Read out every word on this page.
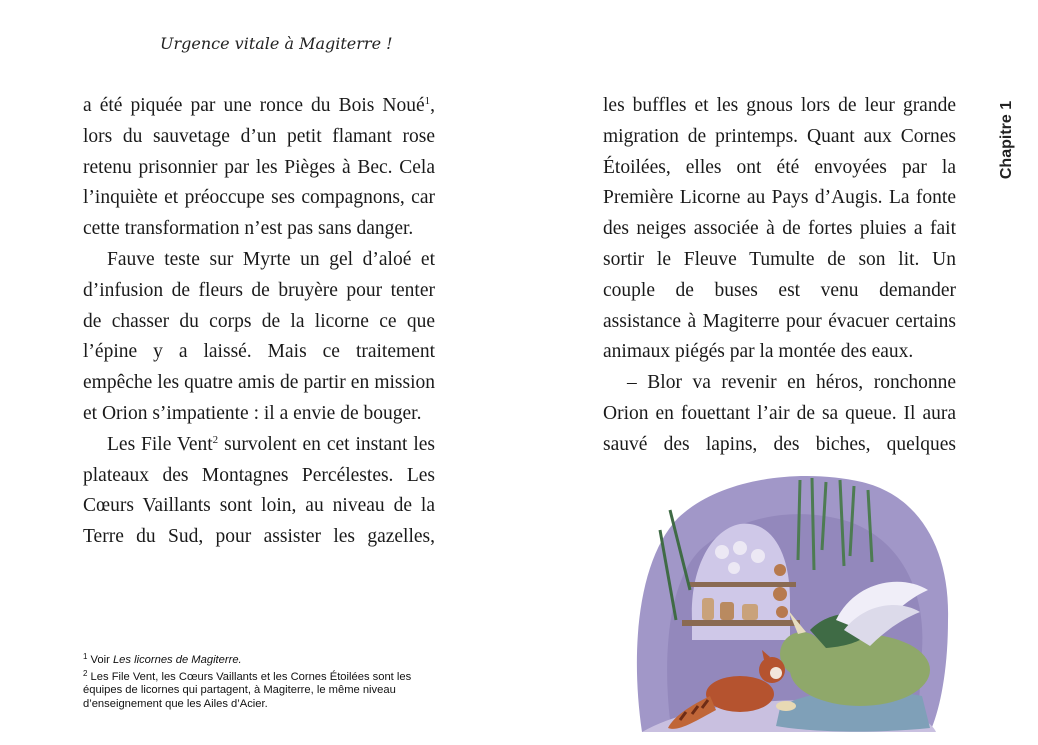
Urgence vitale à Magiterre !

a été piquée par une ronce du Bois Noué$^1$, lors du sauvetage d’un petit flamant rose retenu prisonnier par les Pièges à Bec. Cela l’inquiète et préoccupe ses compagnons, car cette transformation n’est pas sans danger.

Fauve teste sur Myrte un gel d’aloé et d’infusion de fleurs de bruyère pour tenter de chasser du corps de la licorne ce que l’épine y a laissé. Mais ce traitement empêche les quatre amis de partir en mission et Orion s’impatiente : il a envie de bouger.

Les File Vent$^2$ survolent en cet instant les plateaux des Montagnes Percélestes. Les Cœurs Vaillants sont loin, au niveau de la Terre du Sud, pour assister les gazelles,

les buffles et les gnous lors de leur grande migration de printemps. Quant aux Cornes Étoilées, elles ont été envoyées par la Première Licorne au Pays d’Augis. La fonte des neiges associée à de fortes pluies a fait sortir le Fleuve Tumulte de son lit. Un couple de buses est venu demander assistance à Magiterre pour évacuer certains animaux piégés par la montée des eaux.

– Blor va revenir en héros, ronchonne Orion en fouettant l’air de sa queue. Il aura sauvé des lapins, des biches, quelques

Chapitre 1

$^1$ Voir Les licornes de Magiterre.

$^2$ Les File Vent, les Cœurs Vaillants et les Cornes Étoilées sont les équipes de licornes qui partagent, à Magiterre, le même niveau d’enseignement que les Ailes d’Acier.
